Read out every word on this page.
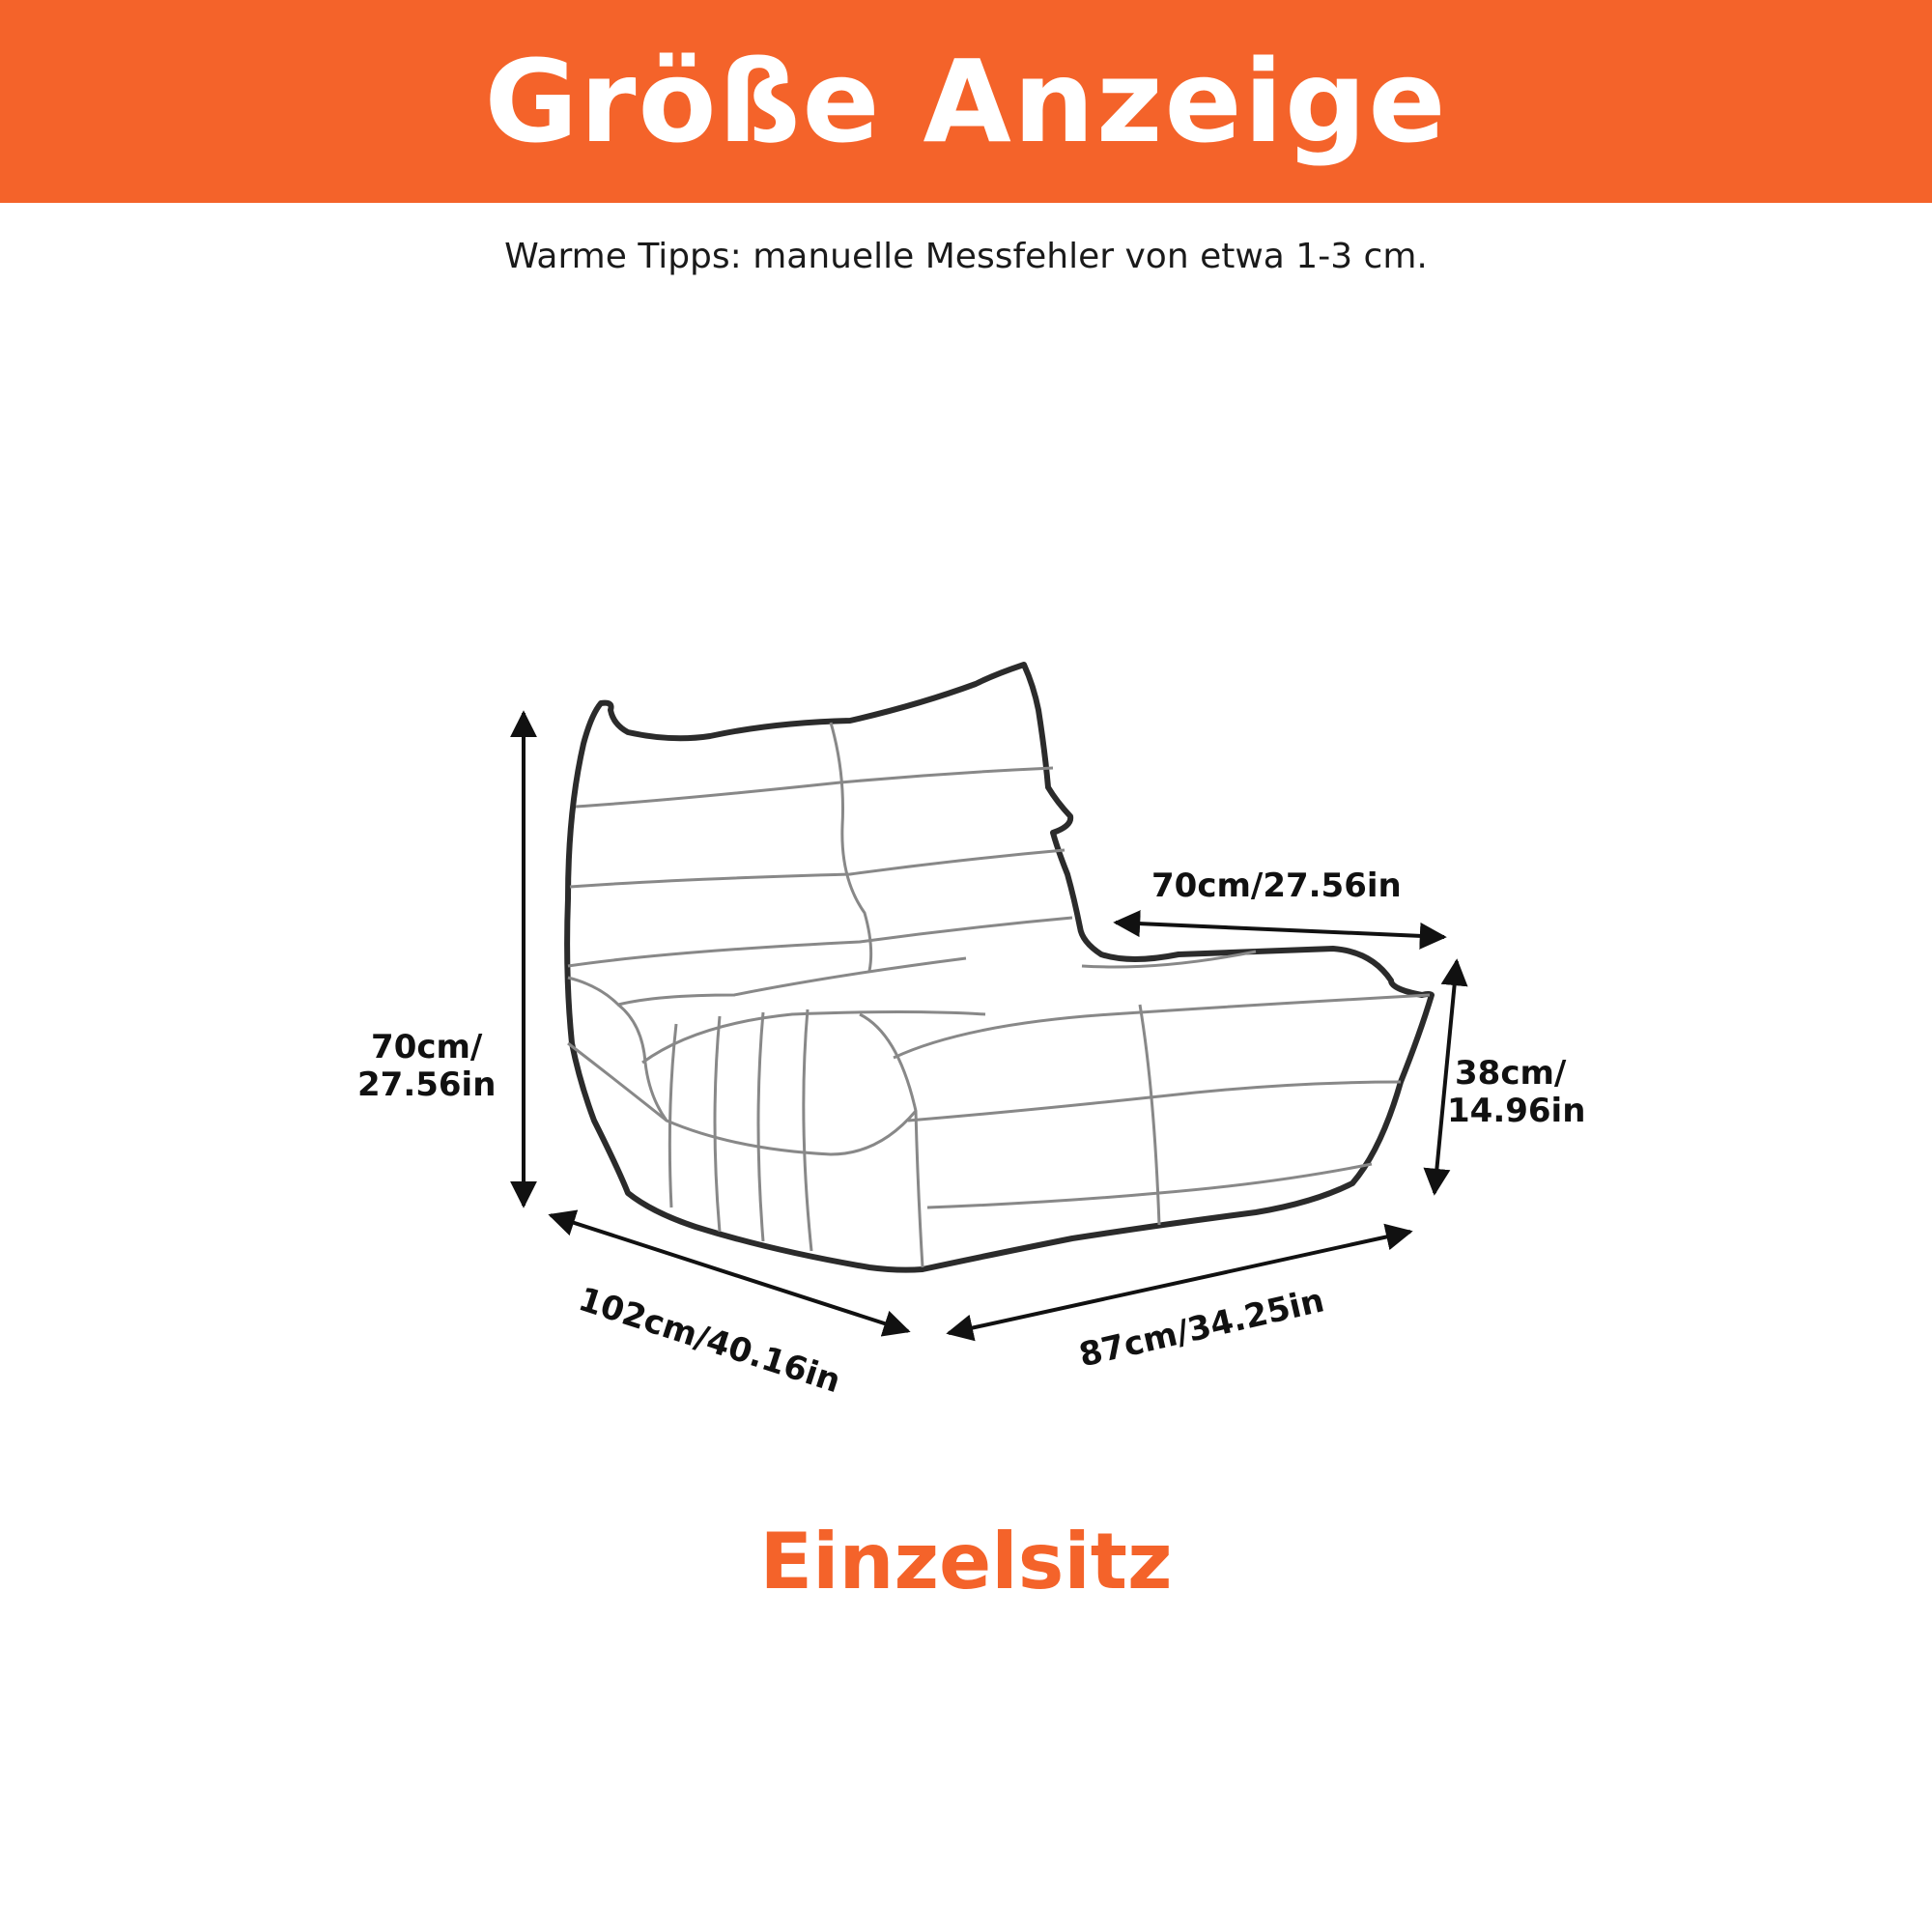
Größe Anzeige
Warme Tipps: manuelle Messfehler von etwa 1-3 cm.
70cm/
27.56in
70cm/27.56in
38cm/
14.96in
102cm/40.16in	87cm/34.25in
Einzelsitz
